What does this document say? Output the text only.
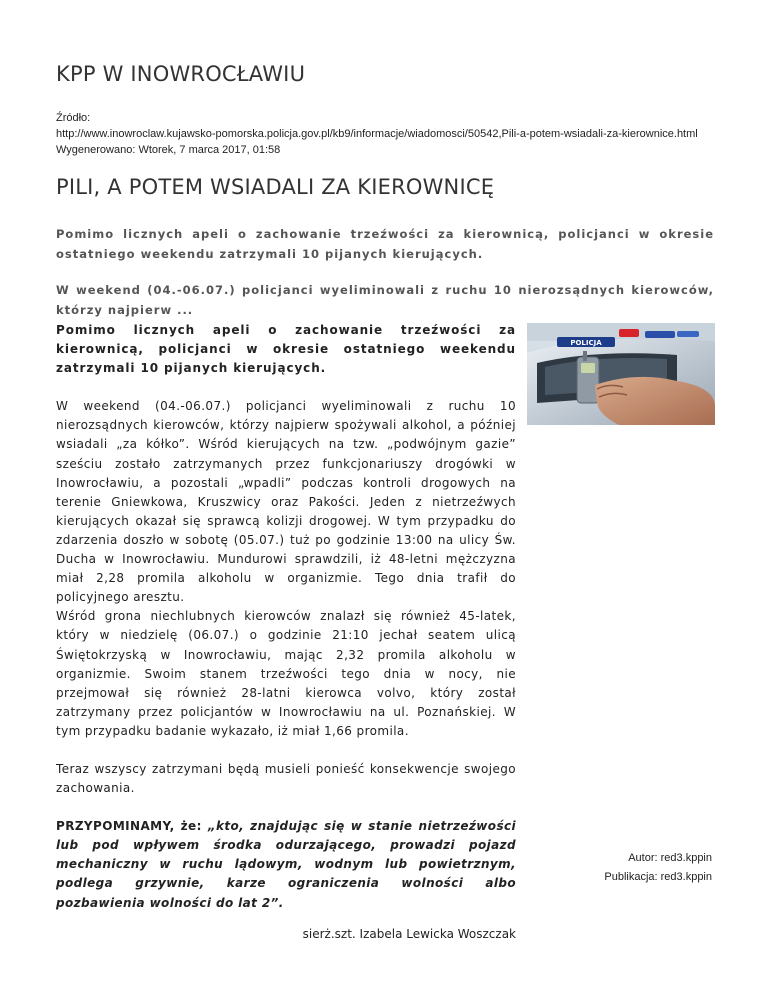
KPP W INOWROCŁAWIU
Źródło:
http://www.inowroclaw.kujawsko-pomorska.policja.gov.pl/kb9/informacje/wiadomosci/50542,Pili-a-potem-wsiadali-za-kierownice.html
Wygenerowano: Wtorek, 7 marca 2017, 01:58
PILI, A POTEM WSIADALI ZA KIEROWNICĘ

Pomimo licznych apeli o zachowanie trzeźwości za kierownicą, policjanci w okresie ostatniego weekendu zatrzymali 10 pijanych kierujących.

W weekend (04.-06.07.) policjanci wyeliminowali z ruchu 10 nierozsądnych kierowców, którzy najpierw ...

POLICJA

Pomimo licznych apeli o zachowanie trzeźwości za kierownicą, policjanci w okresie ostatniego weekendu zatrzymali 10 pijanych kierujących.

W weekend (04.-06.07.) policjanci wyeliminowali z ruchu 10 nierozsądnych kierowców, którzy najpierw spożywali alkohol, a później wsiadali „za kółko”. Wśród kierujących na tzw. „podwójnym gazie” sześciu zostało zatrzymanych przez funkcjonariuszy drogówki w Inowrocławiu, a pozostali „wpadli” podczas kontroli drogowych na terenie Gniewkowa, Kruszwicy oraz Pakości. Jeden z nietrzeźwych kierujących okazał się sprawcą kolizji drogowej. W tym przypadku do zdarzenia doszło w sobotę (05.07.) tuż po godzinie 13:00 na ulicy Św. Ducha w Inowrocławiu. Mundurowi sprawdzili, iż 48-letni mężczyzna miał 2,28 promila alkoholu w organizmie. Tego dnia trafił do policyjnego aresztu.

Wśród grona niechlubnych kierowców znalazł się również 45-latek, który w niedzielę (06.07.) o godzinie 21:10 jechał seatem ulicą Świętokrzyską w Inowrocławiu, mając 2,32 promila alkoholu w organizmie. Swoim stanem trzeźwości tego dnia w nocy, nie przejmował się również 28-latni kierowca volvo, który został zatrzymany przez policjantów w Inowrocławiu na ul. Poznańskiej. W tym przypadku badanie wykazało, iż miał 1,66 promila.

Teraz wszyscy zatrzymani będą musieli ponieść konsekwencje swojego zachowania.

PRZYPOMINAMY, że: „kto, znajdując się w stanie nietrzeźwości lub pod wpływem środka odurzającego, prowadzi pojazd mechaniczny w ruchu lądowym, wodnym lub powietrznym, podlega grzywnie, karze ograniczenia wolności albo pozbawienia wolności do lat 2”.

sierż.szt. Izabela Lewicka Woszczak

Autor: red3.kppin
Publikacja: red3.kppin
